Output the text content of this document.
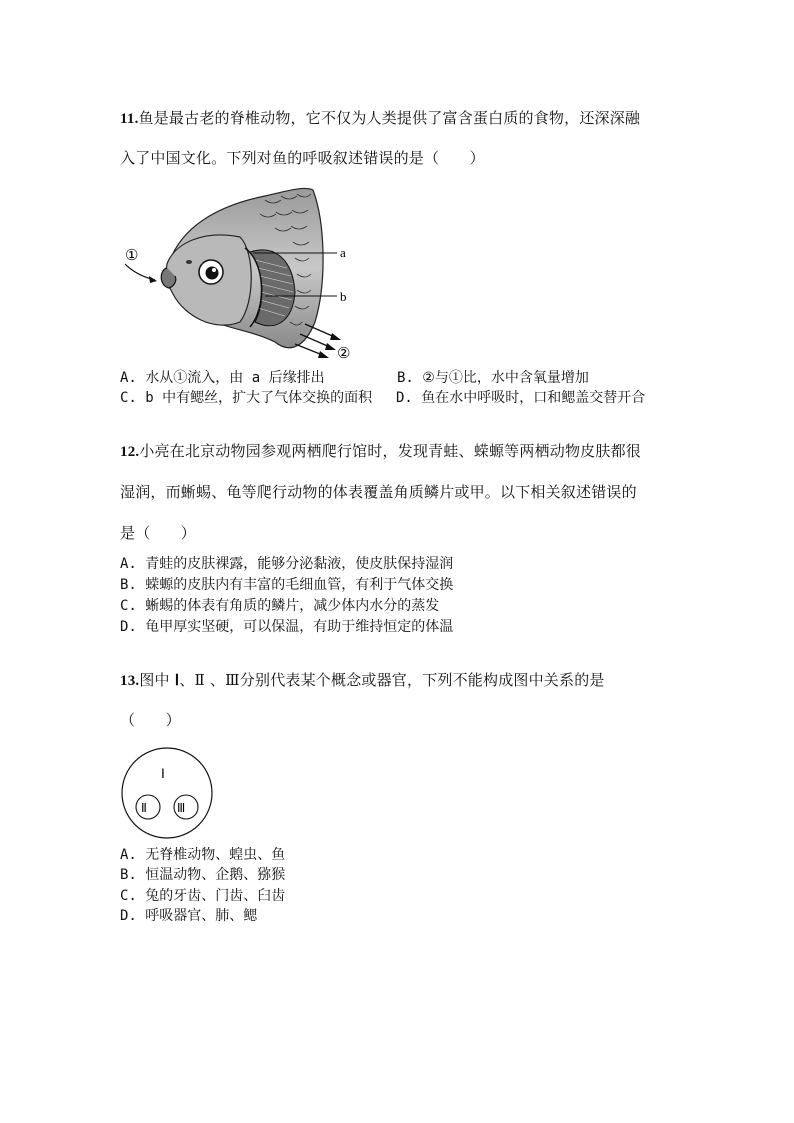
11.鱼是最古老的脊椎动物，它不仅为人类提供了富含蛋白质的食物，还深深融
入了中国文化。下列对鱼的呼吸叙述错误的是（　　）
a
b
①
②
A. 水从①流入，由 a 后缘排出	B. ②与①比，水中含氧量增加
C. b 中有鳃丝，扩大了气体交换的面积 D. 鱼在水中呼吸时，口和鳃盖交替开合
12.小亮在北京动物园参观两栖爬行馆时，发现青蛙、蝾螈等两栖动物皮肤都很
湿润，而蜥蜴、龟等爬行动物的体表覆盖角质鳞片或甲。以下相关叙述错误的
是（　　）
A. 青蛙的皮肤裸露，能够分泌黏液，使皮肤保持湿润
B. 蝾螈的皮肤内有丰富的毛细血管，有利于气体交换
C. 蜥蜴的体表有角质的鳞片，减少体内水分的蒸发
D. 龟甲厚实坚硬，可以保温，有助于维持恒定的体温
13.图中 Ⅰ、Ⅱ 、Ⅲ分别代表某个概念或器官，下列不能构成图中关系的是
（　　）
Ⅰ
Ⅱ	Ⅲ
A. 无脊椎动物、蝗虫、鱼
B. 恒温动物、企鹅、猕猴
C. 兔的牙齿、门齿、臼齿
D. 呼吸器官、肺、鳃
